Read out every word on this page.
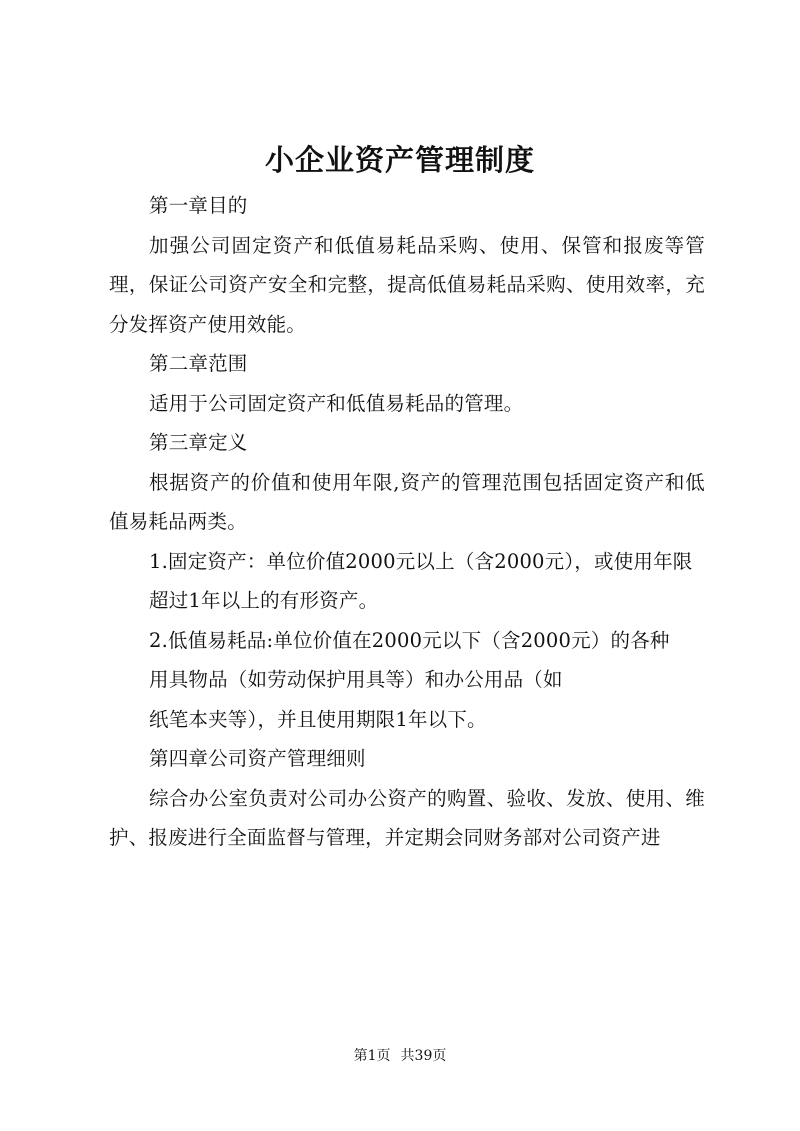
小企业资产管理制度

第一章目的

加强公司固定资产和低值易耗品采购、使用、保管和报废等管理，保证公司资产安全和完整，提高低值易耗品采购、使用效率，充分发挥资产使用效能。

第二章范围

适用于公司固定资产和低值易耗品的管理。

第三章定义

根据资产的价值和使用年限,资产的管理范围包括固定资产和低值易耗品两类。

1.固定资产：单位价值2000元以上（含2000元），或使用年限

超过1年以上的有形资产。

2.低值易耗品:单位价值在2000元以下（含2000元）的各种

用具物品（如劳动保护用具等）和办公用品（如

纸笔本夹等），并且使用期限1年以下。

第四章公司资产管理细则

综合办公室负责对公司办公资产的购置、验收、发放、使用、维护、报废进行全面监督与管理，并定期会同财务部对公司资产进

第1页 共39页
